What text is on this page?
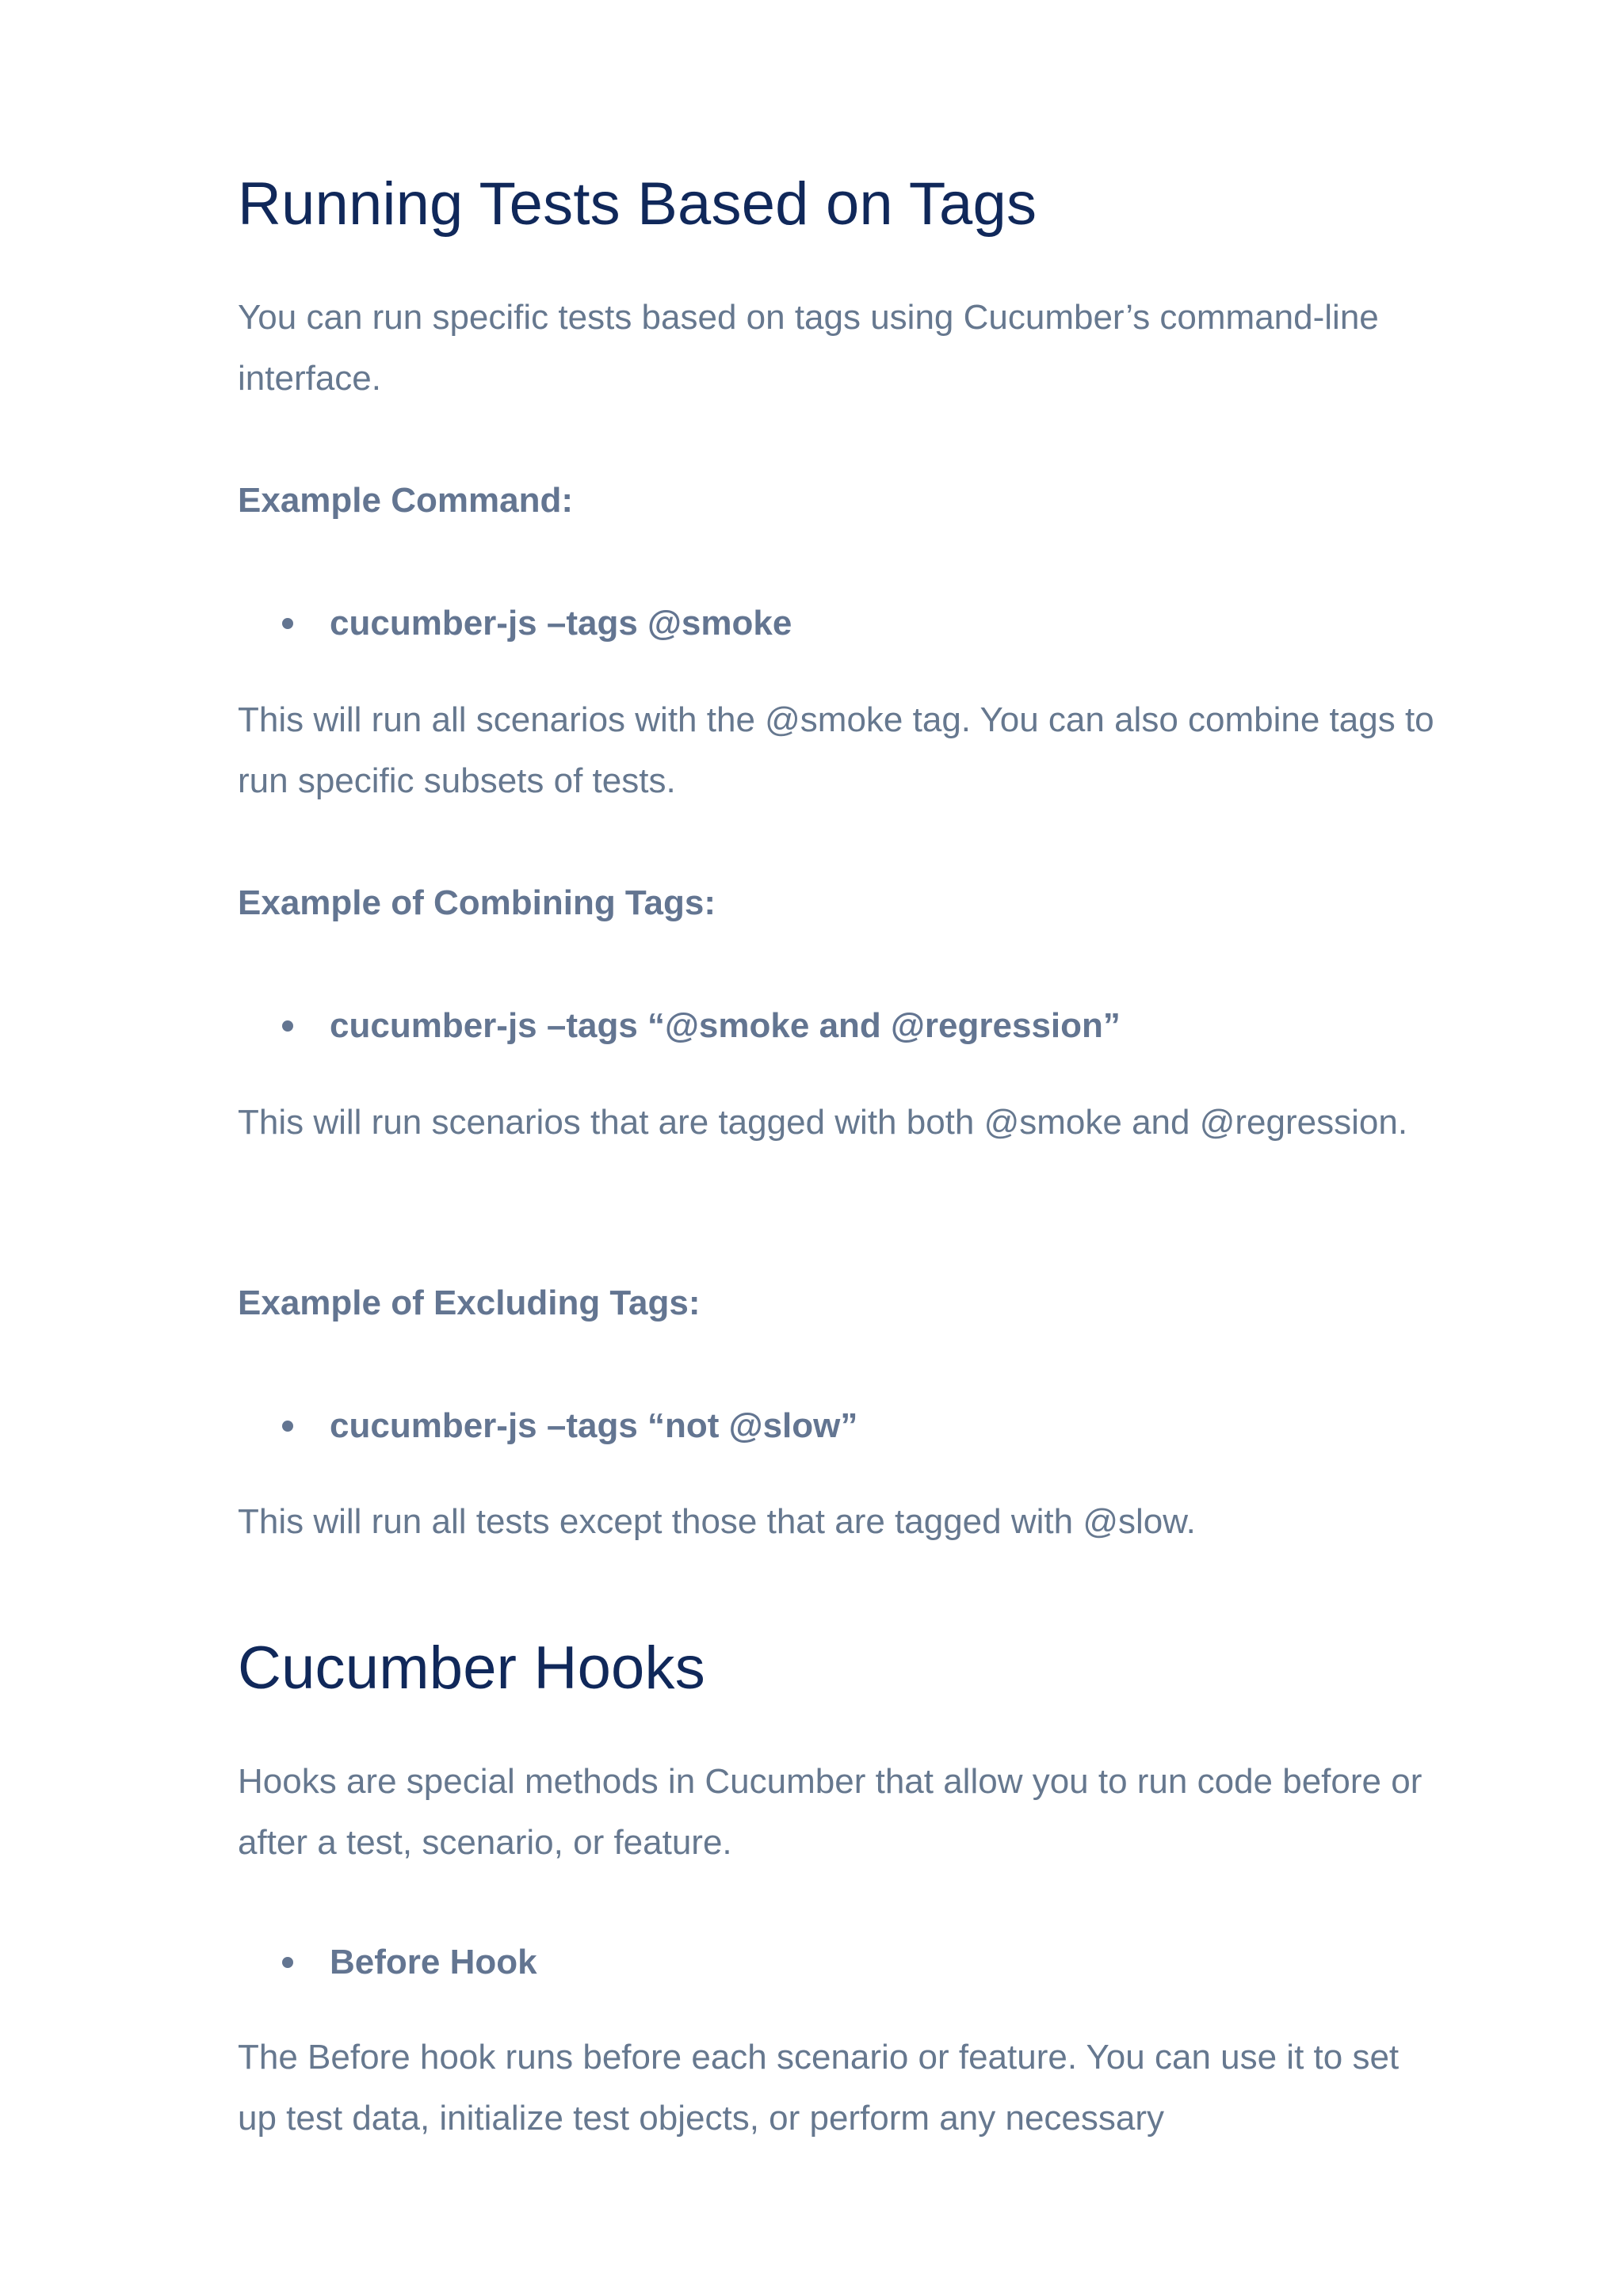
Running Tests Based on Tags

You can run specific tests based on tags using Cucumber’s command-line interface.

Example Command:

cucumber-js –tags @smoke

This will run all scenarios with the @smoke tag. You can also combine tags to run specific subsets of tests.

Example of Combining Tags:

cucumber-js –tags “@smoke and @regression”

This will run scenarios that are tagged with both @smoke and @regression.

Example of Excluding Tags:

cucumber-js –tags “not @slow”

This will run all tests except those that are tagged with @slow.

Cucumber Hooks

Hooks are special methods in Cucumber that allow you to run code before or after a test, scenario, or feature.

Before Hook

The Before hook runs before each scenario or feature. You can use it to set up test data, initialize test objects, or perform any necessary
